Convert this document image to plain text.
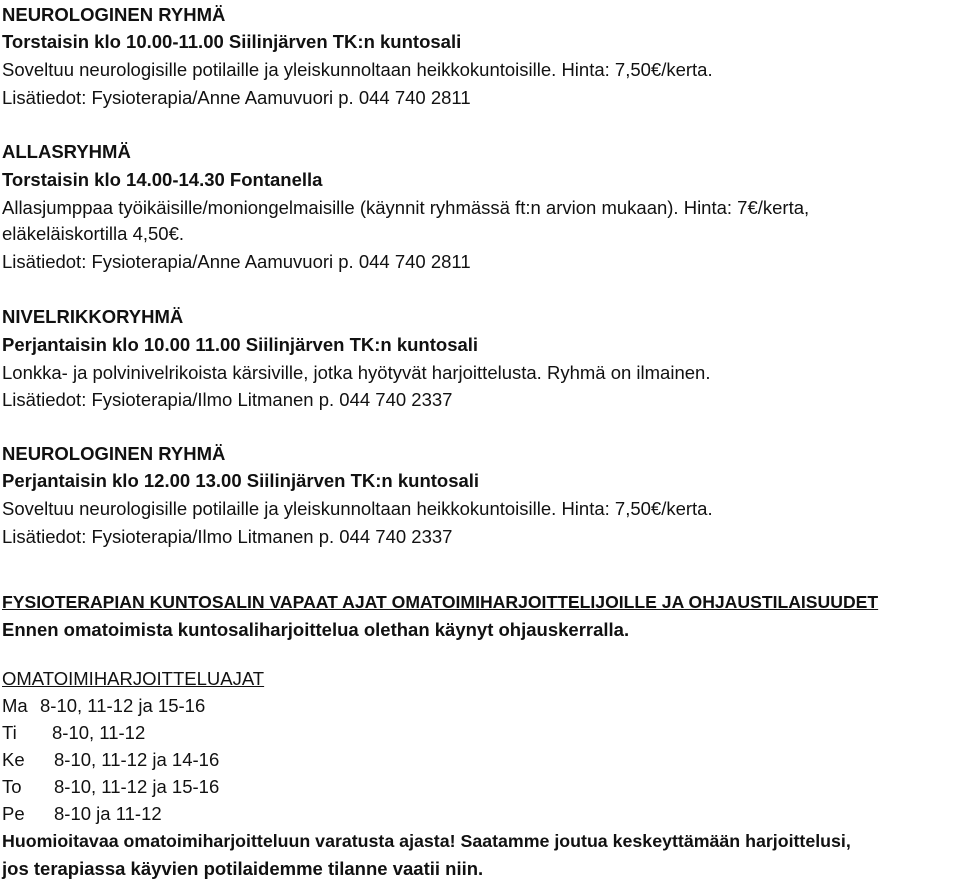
NEUROLOGINEN RYHMÄ
Torstaisin klo 10.00-11.00 Siilinjärven TK:n kuntosali
Soveltuu neurologisille potilaille ja yleiskunnoltaan heikkokuntoisille. Hinta: 7,50€/kerta.
Lisätiedot: Fysioterapia/Anne Aamuvuori p. 044 740 2811
ALLASRYHMÄ
Torstaisin klo 14.00-14.30 Fontanella
Allasjumppaa työikäisille/moniongelmaisille (käynnit ryhmässä ft:n arvion mukaan). Hinta: 7€/kerta,
eläkeläiskortilla 4,50€.
Lisätiedot: Fysioterapia/Anne Aamuvuori p. 044 740 2811
NIVELRIKKORYHMÄ
Perjantaisin klo 10.00 11.00 Siilinjärven TK:n kuntosali
Lonkka- ja polvinivelrikoista kärsiville, jotka hyötyvät harjoittelusta. Ryhmä on ilmainen.
Lisätiedot: Fysioterapia/Ilmo Litmanen p. 044 740 2337
NEUROLOGINEN RYHMÄ
Perjantaisin klo 12.00 13.00 Siilinjärven TK:n kuntosali
Soveltuu neurologisille potilaille ja yleiskunnoltaan heikkokuntoisille. Hinta: 7,50€/kerta.
Lisätiedot: Fysioterapia/Ilmo Litmanen p. 044 740 2337
FYSIOTERAPIAN KUNTOSALIN VAPAAT AJAT OMATOIMIHARJOITTELIJOILLE JA OHJAUSTILAISUUDET
Ennen omatoimista kuntosaliharjoittelua olethan käynyt ohjauskerralla.
OMATOIMIHARJOITTELUAJAT
Ma 8-10, 11-12 ja 15-16
Ti 8-10, 11-12
Ke 8-10, 11-12 ja 14-16
To 8-10, 11-12 ja 15-16
Pe 8-10 ja 11-12
Huomioitavaa omatoimiharjoitteluun varatusta ajasta! Saatamme joutua keskeyttämään harjoittelusi,
jos terapiassa käyvien potilaidemme tilanne vaatii niin.
